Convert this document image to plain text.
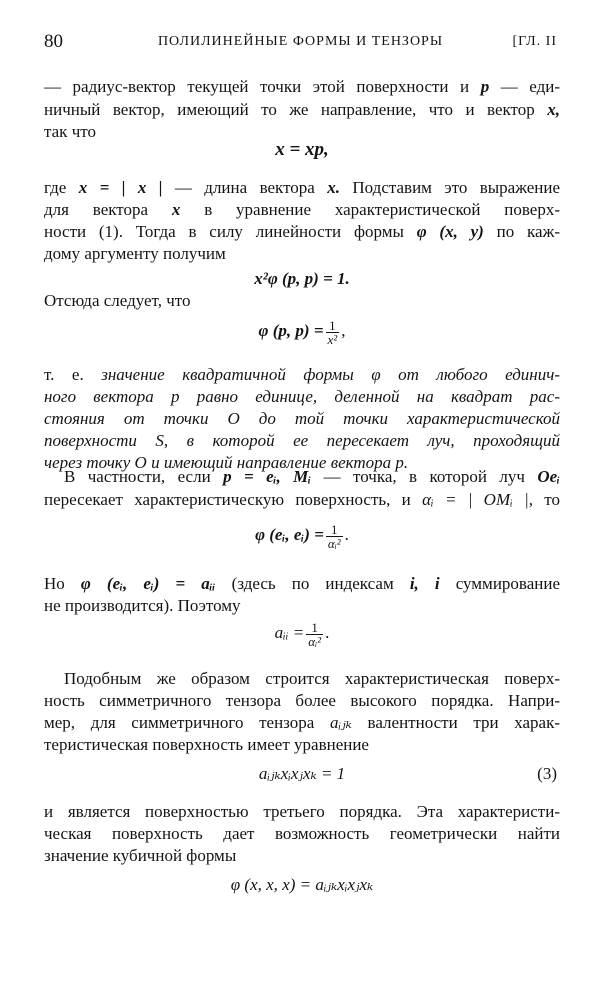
80	ПОЛИЛИНЕЙНЫЕ ФОРМЫ И ТЕНЗОРЫ	[ГЛ. II
— радиус-вектор текущей точки этой поверхности и p — еди-
ничный вектор, имеющий то же направление, что и вектор x,
так что
x = xp,
где x = | x | — длина вектора x. Подставим это выражение
для вектора x в уравнение характеристической поверх-
ности (1). Тогда в силу линейности формы φ (x, y) по каж-
дому аргументу получим
x²φ (p, p) = 1.
Отсюда следует, что
φ (p, $p) = \frac{1}{\text{x²}}$ ,
т. е. значение квадратичной формы φ от любого единич-
ного вектора p равно единице, деленной на квадрат рас-
стояния от точки O до той точки характеристической
поверхности S, в которой ее пересекает луч, проходящий
через точку O и имеющий направление вектора p.
В частности, если p = eᵢ, Mᵢ — точка, в которой луч Oeᵢ
пересекает характеристическую поверхность, и αᵢ = | OMᵢ |, то
φ (eᵢ, eᵢ) = $\frac{1}{\text{αᵢ²}}$ .
Но φ (eᵢ, eᵢ) = aᵢᵢ (здесь по индексам i, i суммирование
не производится). Поэтому
aᵢᵢ = $\frac{1}{\text{αᵢ²}}$ .
Подобным же образом строится характеристическая поверх-
ность симметричного тензора более высокого порядка. Напри-
мер, для симметричного тензора aᵢⱼₖ валентности три харак-
теристическая поверхность имеет уравнение
aᵢⱼₖxᵢxⱼxₖ = 1	(3)
и является поверхностью третьего порядка. Эта характеристи-
ческая поверхность дает возможность геометрически найти
значение кубичной формы
φ (x, x, x) = aᵢⱼₖxᵢxⱼxₖ
